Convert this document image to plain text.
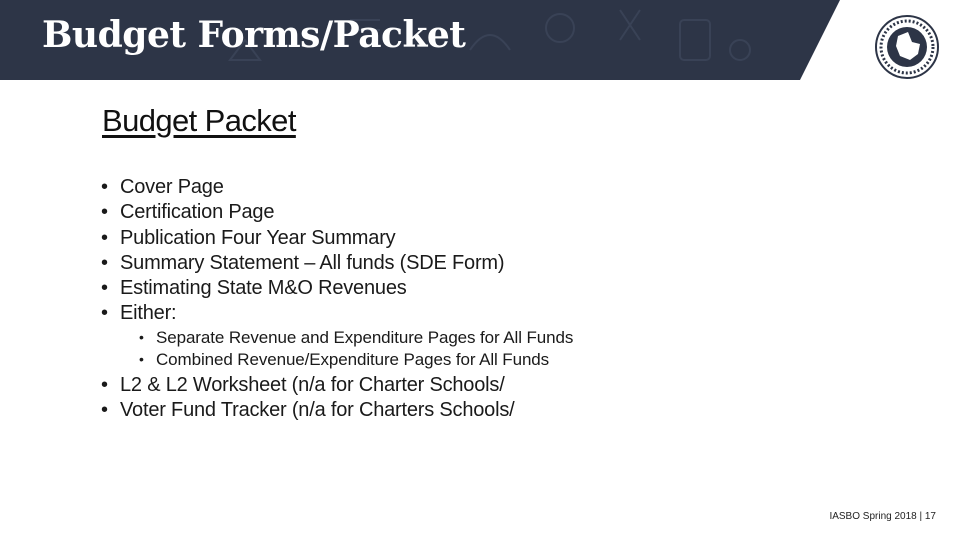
Budget Forms/Packet
Budget Packet
• Cover Page
• Certification Page
• Publication Four Year Summary
• Summary Statement – All funds (SDE Form)
• Estimating State M&O Revenues
• Either:
• Separate Revenue and Expenditure Pages for All Funds
• Combined Revenue/Expenditure Pages for All Funds
• L2 & L2 Worksheet (n/a for Charter Schools/
• Voter Fund Tracker (n/a for Charters Schools/
IASBO Spring 2018 | 17
